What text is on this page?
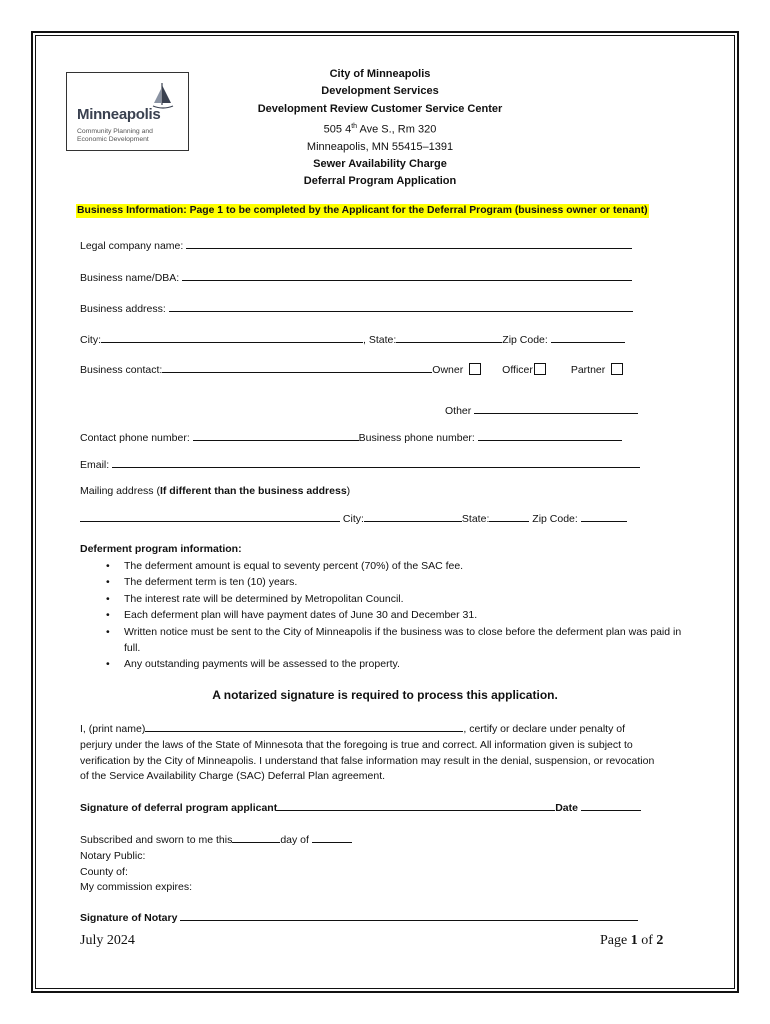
Minneapolis
Community Planning and
Economic Development
City of Minneapolis
Development Services
Development Review Customer Service Center
505 4th Ave S., Rm 320
Minneapolis, MN 55415–1391
Sewer Availability Charge
Deferral Program Application
Business Information: Page 1 to be completed by the Applicant for the Deferral Program (business owner or tenant)
Legal company name:
Business name/DBA:
Business address:
City:	, State:	Zip Code:
Business contact:	Owner	Officer	Partner
Other
Contact phone number:	Business phone number:
Email:
Mailing address (If different than the business address)
City:	State:	Zip Code:
Deferment program information:
• The deferment amount is equal to seventy percent (70%) of the SAC fee.
• The deferment term is ten (10) years.
• The interest rate will be determined by Metropolitan Council.
• Each deferment plan will have payment dates of June 30 and December 31.
• Written notice must be sent to the City of Minneapolis if the business was to close before the deferment plan was paid in full.
• Any outstanding payments will be assessed to the property.
A notarized signature is required to process this application.
I, (print name)	, certify or declare under penalty of perjury under the laws of the State of Minnesota that the foregoing is true and correct. All information given is subject to verification by the City of Minneapolis. I understand that false information may result in the denial, suspension, or revocation of the Service Availability Charge (SAC) Deferral Plan agreement.
Signature of deferral program applicant	Date
Subscribed and sworn to me this	day of
Notary Public:
County of:
My commission expires:
Signature of Notary
July 2024	Page 1 of 2
